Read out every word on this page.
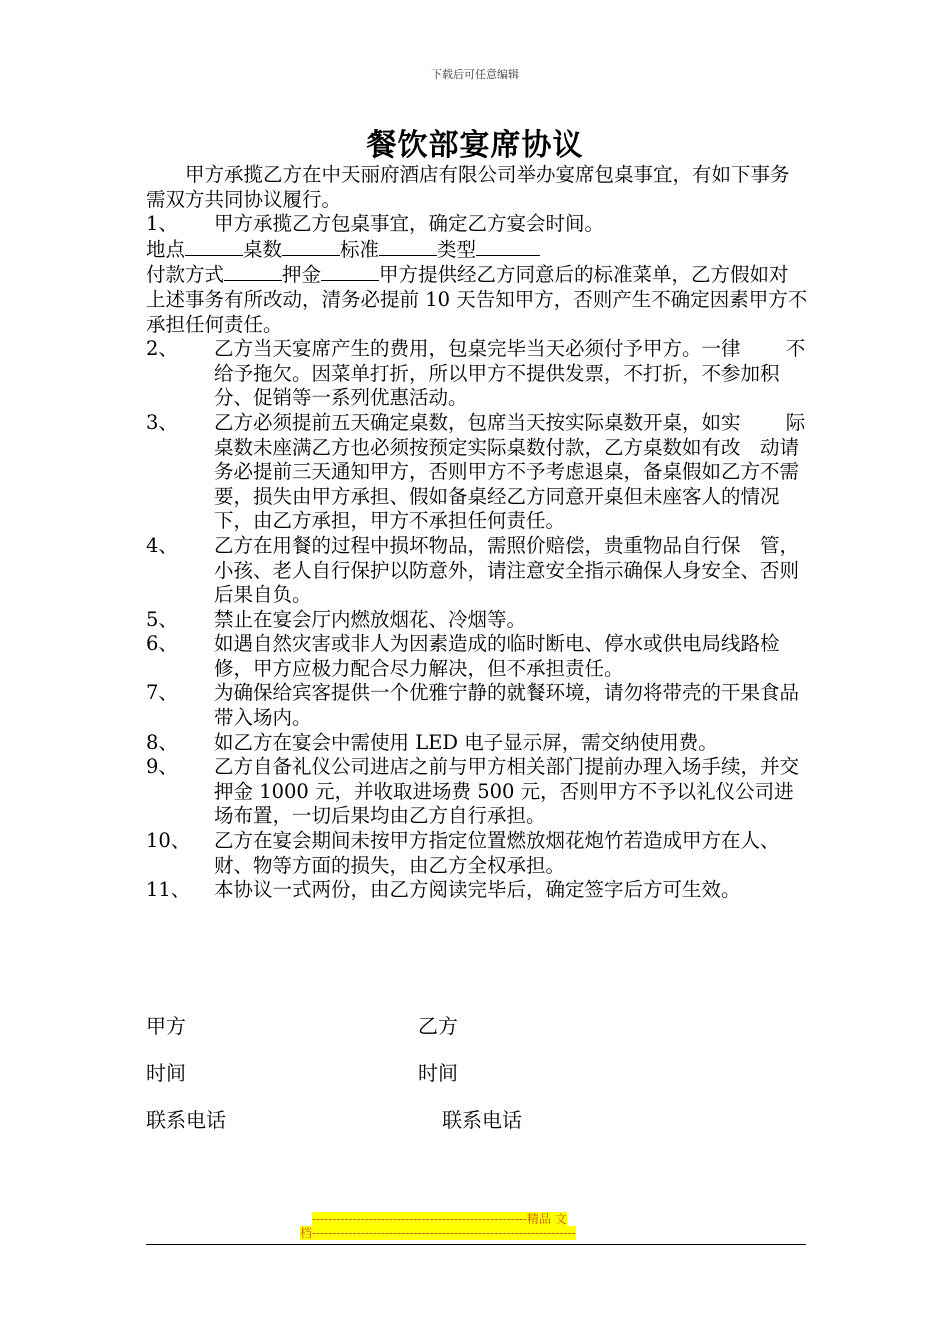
下载后可任意编辑
餐饮部宴席协议

甲方承揽乙方在中天丽府酒店有限公司举办宴席包桌事宜，有如下事务需双方共同协议履行。

1、	甲方承揽乙方包桌事宜，确定乙方宴会时间。

地点	桌数	标准	类型

付款方式	押金	甲方提供经乙方同意后的标准菜单，乙方假如对上述事务有所改动，清务必提前 10 天告知甲方，否则产生不确定因素甲方不承担任何责任。

2、	乙方当天宴席产生的费用，包桌完毕当天必须付予甲方。一律　　 不给予拖欠。因菜单打折，所以甲方不提供发票，不打折，不参加积分、促销等一系列优惠活动。
3、	乙方必须提前五天确定桌数，包席当天按实际桌数开桌，如实　　 际桌数未座满乙方也必须按预定实际桌数付款，乙方桌数如有改　动请务必提前三天通知甲方，否则甲方不予考虑退桌，备桌假如乙方不需要，损失由甲方承担、假如备桌经乙方同意开桌但未座客人的情况下，由乙方承担，甲方不承担任何责任。
4、	乙方在用餐的过程中损坏物品，需照价赔偿，贵重物品自行保　管，小孩、老人自行保护以防意外，请注意安全指示确保人身安全、否则后果自负。
5、	禁止在宴会厅内燃放烟花、冷烟等。
6、	如遇自然灾害或非人为因素造成的临时断电、停水或供电局线路检修，甲方应极力配合尽力解决，但不承担责任。
7、	为确保给宾客提供一个优雅宁静的就餐环境，请勿将带壳的干果食品带入场内。
8、	如乙方在宴会中需使用 LED 电子显示屏，需交纳使用费。
9、	乙方自备礼仪公司进店之前与甲方相关部门提前办理入场手续，并交押金 1000 元，并收取进场费 500 元，否则甲方不予以礼仪公司进场布置，一切后果均由乙方自行承担。
10、	乙方在宴会期间未按甲方指定位置燃放烟花炮竹若造成甲方在人、财、物等方面的损失，由乙方全权承担。
11、	本协议一式两份，由乙方阅读完毕后，确定签字后方可生效。
甲方	乙方
时间	时间
联系电话	联系电话
-----------------------------------------------------精品 文
档-----------------------------------------------------------------
